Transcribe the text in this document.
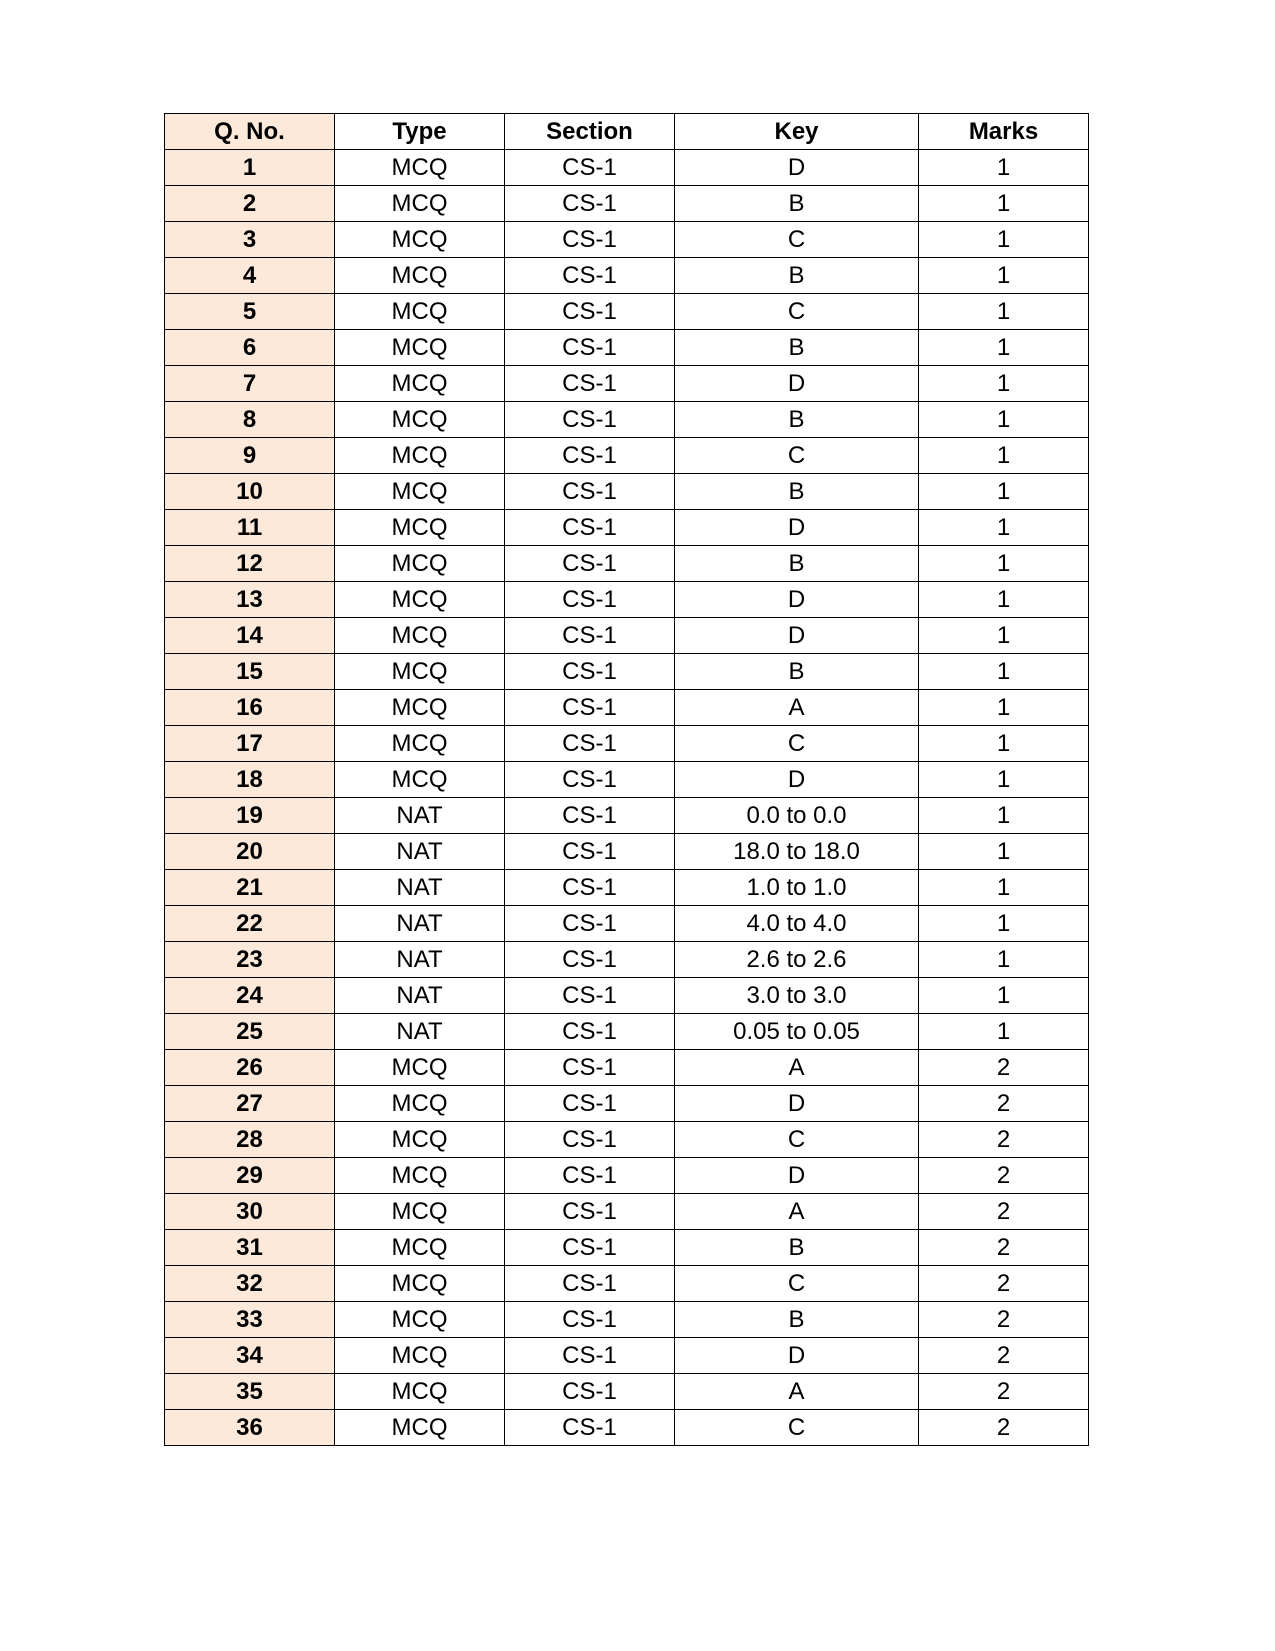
Q. No.	Type	Section	Key	Marks
1	MCQ	CS-1	D	1
2	MCQ	CS-1	B	1
3	MCQ	CS-1	C	1
4	MCQ	CS-1	B	1
5	MCQ	CS-1	C	1
6	MCQ	CS-1	B	1
7	MCQ	CS-1	D	1
8	MCQ	CS-1	B	1
9	MCQ	CS-1	C	1
10	MCQ	CS-1	B	1
11	MCQ	CS-1	D	1
12	MCQ	CS-1	B	1
13	MCQ	CS-1	D	1
14	MCQ	CS-1	D	1
15	MCQ	CS-1	B	1
16	MCQ	CS-1	A	1
17	MCQ	CS-1	C	1
18	MCQ	CS-1	D	1
19	NAT	CS-1	0.0 to 0.0	1
20	NAT	CS-1	18.0 to 18.0	1
21	NAT	CS-1	1.0 to 1.0	1
22	NAT	CS-1	4.0 to 4.0	1
23	NAT	CS-1	2.6 to 2.6	1
24	NAT	CS-1	3.0 to 3.0	1
25	NAT	CS-1	0.05 to 0.05	1
26	MCQ	CS-1	A	2
27	MCQ	CS-1	D	2
28	MCQ	CS-1	C	2
29	MCQ	CS-1	D	2
30	MCQ	CS-1	A	2
31	MCQ	CS-1	B	2
32	MCQ	CS-1	C	2
33	MCQ	CS-1	B	2
34	MCQ	CS-1	D	2
35	MCQ	CS-1	A	2
36	MCQ	CS-1	C	2
